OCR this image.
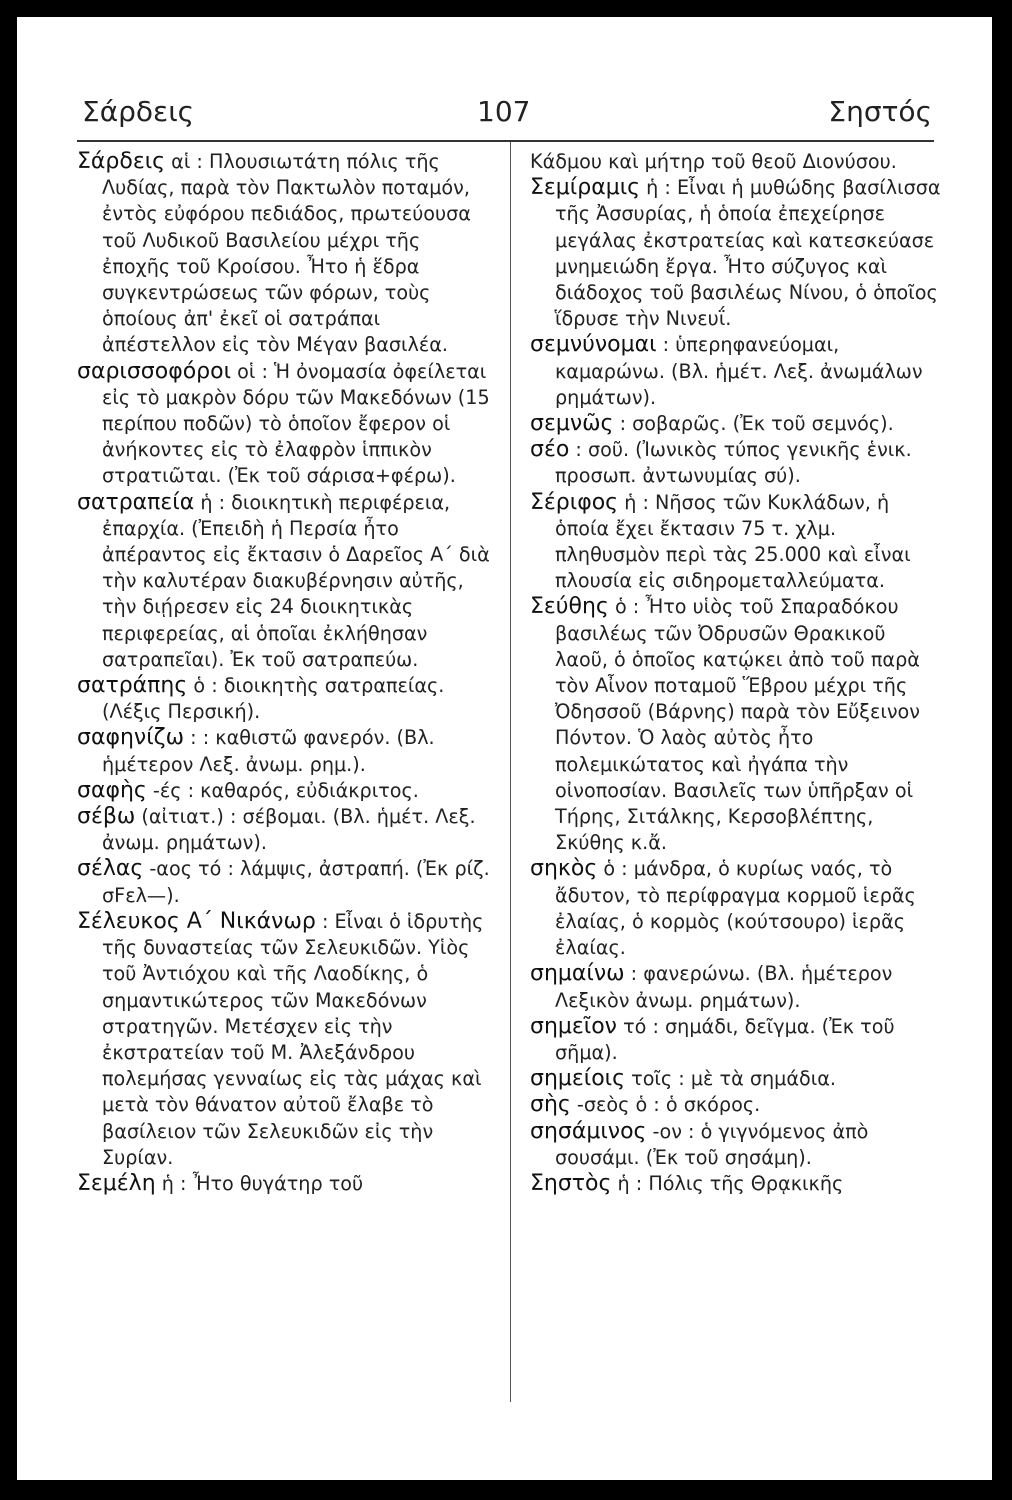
Σάρδεις	107	Σηστός

Σάρδεις αἱ : Πλουσιωτάτη πόλις τῆς Λυδίας, παρὰ τὸν Πακτωλὸν ποταμόν, ἐντὸς εὐφόρου πεδιάδος, πρωτεύουσα τοῦ Λυδικοῦ Βασιλείου μέχρι τῆς ἐποχῆς τοῦ Κροίσου. Ἦτο ἡ ἕδρα συγκεντρώσεως τῶν φόρων, τοὺς ὁποίους ἀπ' ἐκεῖ οἱ σατράπαι ἀπέστελλον εἰς τὸν Μέγαν βασιλέα.

σαρισσοφόροι οἱ : Ἡ ὀνομασία ὀφείλεται εἰς τὸ μακρὸν δόρυ τῶν Μακεδόνων (15 περίπου ποδῶν) τὸ ὁποῖον ἔφερον οἱ ἀνήκοντες εἰς τὸ ἐλαφρὸν ἱππικὸν στρατιῶται. (Ἐκ τοῦ σάρισα+φέρω).

σατραπεία ἡ : διοικητικὴ περιφέρεια, ἐπαρχία. (Ἐπειδὴ ἡ Περσία ἦτο ἀπέραντος εἰς ἔκτασιν ὁ Δαρεῖος Α΄ διὰ τὴν καλυτέραν διακυβέρνησιν αὐτῆς, τὴν διῄρεσεν εἰς 24 διοικητικὰς περιφερείας, αἱ ὁποῖαι ἐκλήθησαν σατραπεῖαι). Ἐκ τοῦ σατραπεύω.

σατράπης ὁ : διοικητὴς σατραπείας. (Λέξις Περσική).

σαφηνίζω : : καθιστῶ φανερόν. (Βλ. ἡμέτερον Λεξ. ἀνωμ. ρημ.).

σαφὴς -ές : καθαρός, εὐδιάκριτος.

σέβω (αἰτιατ.) : σέβομαι. (Βλ. ἡμέτ. Λεξ. ἀνωμ. ρημάτων).

σέλας -αος τό : λάμψις, ἀστραπή. (Ἐκ ρίζ. σϜελ—).

Σέλευκος Α΄ Νικάνωρ : Εἶναι ὁ ἱδρυτὴς τῆς δυναστείας τῶν Σελευκιδῶν. Υἱὸς τοῦ Ἀντιόχου καὶ τῆς Λαοδίκης, ὁ σημαντικώτερος τῶν Μακεδόνων στρατηγῶν. Μετέσχεν εἰς τὴν ἐκστρατείαν τοῦ Μ. Ἀλεξάνδρου πολεμήσας γενναίως εἰς τὰς μάχας καὶ μετὰ τὸν θάνατον αὐτοῦ ἔλαβε τὸ βασίλειον τῶν Σελευκιδῶν εἰς τὴν Συρίαν.

Σεμέλη ἡ : Ἦτο θυγάτηρ τοῦ

Κάδμου καὶ μήτηρ τοῦ θεοῦ Διονύσου.

Σεμίραμις ἡ : Εἶναι ἡ μυθώδης βασίλισσα τῆς Ἀσσυρίας, ἡ ὁποία ἐπεχείρησε μεγάλας ἐκστρατείας καὶ κατεσκεύασε μνημειώδη ἔργα. Ἦτο σύζυγος καὶ διάδοχος τοῦ βασιλέως Νίνου, ὁ ὁποῖος ἵδρυσε τὴν Νινευΐ.

σεμνύνομαι : ὑπερηφανεύομαι, καμαρώνω. (Βλ. ἡμέτ. Λεξ. ἀνωμάλων ρημάτων).

σεμνῶς : σοβαρῶς. (Ἐκ τοῦ σεμνός).

σέο : σοῦ. (Ἰωνικὸς τύπος γενικῆς ἑνικ. προσωπ. ἀντωνυμίας σύ).

Σέριφος ἡ : Νῆσος τῶν Κυκλάδων, ἡ ὁποία ἔχει ἔκτασιν 75 τ. χλμ. πληθυσμὸν περὶ τὰς 25.000 καὶ εἶναι πλουσία εἰς σιδηρομεταλλεύματα.

Σεύθης ὁ : Ἦτο υἱὸς τοῦ Σπαραδόκου βασιλέως τῶν Ὀδρυσῶν Θρακικοῦ λαοῦ, ὁ ὁποῖος κατῴκει ἀπὸ τοῦ παρὰ τὸν Αἶνον ποταμοῦ Ἕβρου μέχρι τῆς Ὀδησσοῦ (Βάρνης) παρὰ τὸν Εὔξεινον Πόντον. Ὁ λαὸς αὐτὸς ἦτο πολεμικώτατος καὶ ἠγάπα τὴν οἰνοποσίαν. Βασιλεῖς των ὑπῆρξαν οἱ Τήρης, Σιτάλκης, Κερσοβλέπτης, Σκύθης κ.ἄ.

σηκὸς ὁ : μάνδρα, ὁ κυρίως ναός, τὸ ἄδυτον, τὸ περίφραγμα κορμοῦ ἱερᾶς ἐλαίας, ὁ κορμὸς (κούτσουρο) ἱερᾶς ἐλαίας.

σημαίνω : φανερώνω. (Βλ. ἡμέτερον Λεξικὸν ἀνωμ. ρημάτων).

σημεῖον τό : σημάδι, δεῖγμα. (Ἐκ τοῦ σῆμα).

σημείοις τοῖς : μὲ τὰ σημάδια.

σὴς -σεὸς ὁ : ὁ σκόρος.

σησάμινος -ον : ὁ γιγνόμενος ἀπὸ σουσάμι. (Ἐκ τοῦ σησάμη).

Σηστὸς ἡ : Πόλις τῆς Θρᾳκικῆς
